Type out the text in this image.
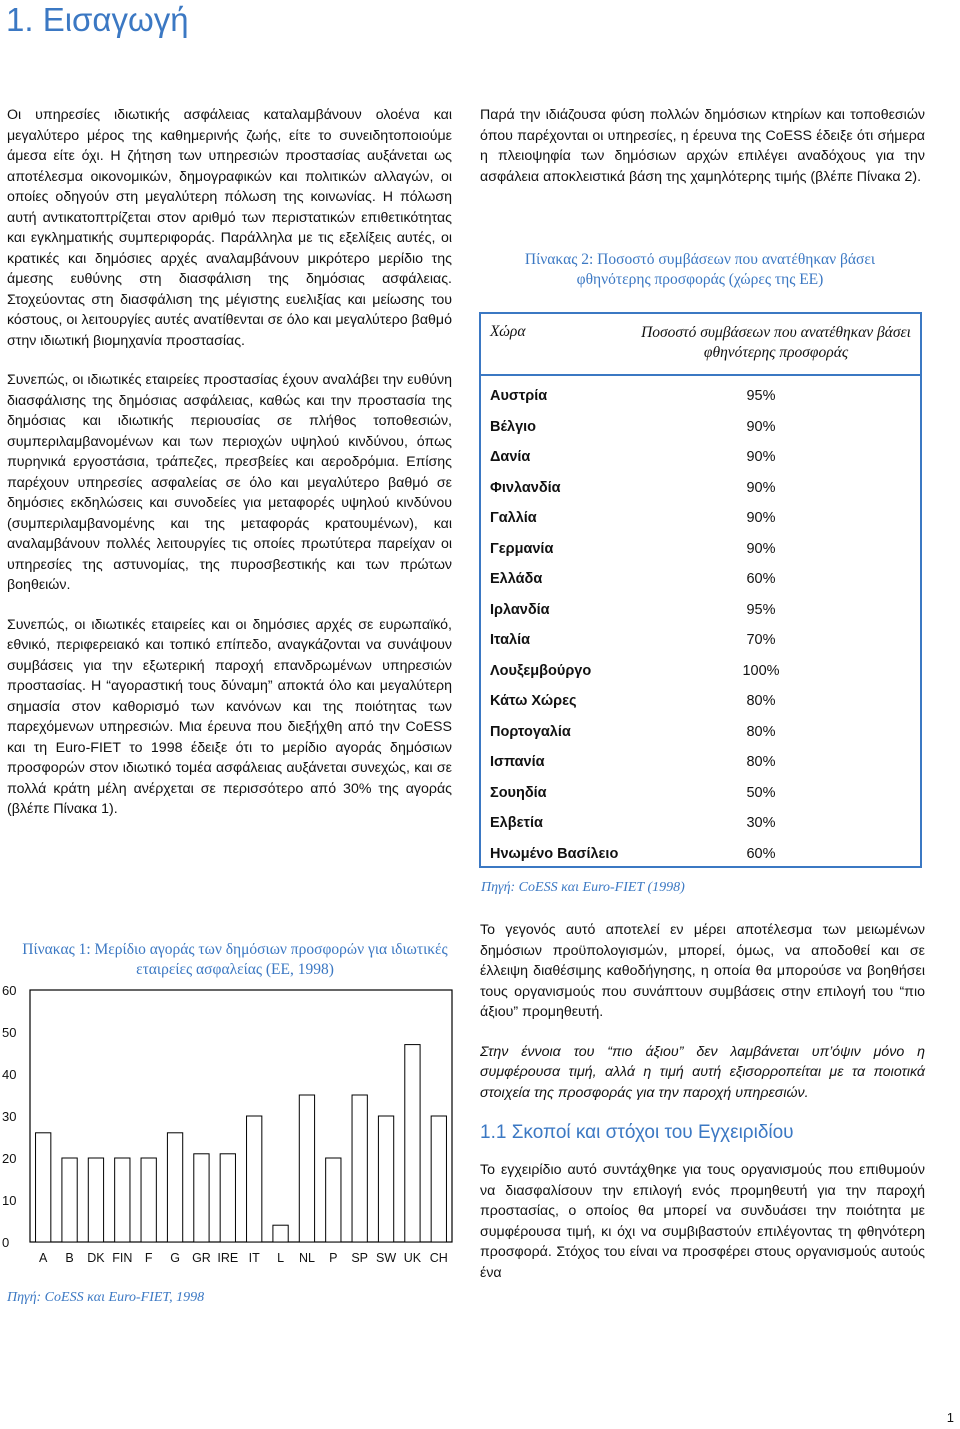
1. Εισαγωγή

Οι υπηρεσίες ιδιωτικής ασφάλειας καταλαμβάνουν ολοένα και μεγαλύτερο μέρος της καθημερινής ζωής, είτε το συνειδητοποιούμε άμεσα είτε όχι. Η ζήτηση των υπηρεσιών προστασίας αυξάνεται ως αποτέλεσμα οικονομικών, δημογραφικών και πολιτικών αλλαγών, οι οποίες οδηγούν στη μεγαλύτερη πόλωση της κοινωνίας. Η πόλωση αυτή αντικατοπτρίζεται στον αριθμό των περιστατικών επιθετικότητας και εγκληματικής συμπεριφοράς. Παράλληλα με τις εξελίξεις αυτές, οι κρατικές και δημόσιες αρχές αναλαμβάνουν μικρότερο μερίδιο της άμεσης ευθύνης στη διασφάλιση της δημόσιας ασφάλειας. Στοχεύοντας στη διασφάλιση της μέγιστης ευελιξίας και μείωσης του κόστους, οι λειτουργίες αυτές ανατίθενται σε όλο και μεγαλύτερο βαθμό στην ιδιωτική βιομηχανία προστασίας.

Συνεπώς, οι ιδιωτικές εταιρείες προστασίας έχουν αναλάβει την ευθύνη διασφάλισης της δημόσιας ασφάλειας, καθώς και την προστασία της δημόσιας και ιδιωτικής περιουσίας σε πλήθος τοποθεσιών, συμπεριλαμβανομένων και των περιοχών υψηλού κινδύνου, όπως πυρηνικά εργοστάσια, τράπεζες, πρεσβείες και αεροδρόμια. Επίσης παρέχουν υπηρεσίες ασφαλείας σε όλο και μεγαλύτερο βαθμό σε δημόσιες εκδηλώσεις και συνοδείες για μεταφορές υψηλού κινδύνου (συμπεριλαμβανομένης και της μεταφοράς κρατουμένων), και αναλαμβάνουν πολλές λειτουργίες τις οποίες πρωτύτερα παρείχαν οι υπηρεσίες της αστυνομίας, της πυροσβεστικής και των πρώτων βοηθειών.

Συνεπώς, οι ιδιωτικές εταιρείες και οι δημόσιες αρχές σε ευρωπαϊκό, εθνικό, περιφερειακό και τοπικό επίπεδο, αναγκάζονται να συνάψουν συμβάσεις για την εξωτερική παροχή επανδρωμένων υπηρεσιών προστασίας. Η “αγοραστική τους δύναμη” αποκτά όλο και μεγαλύτερη σημασία στον καθορισμό των κανόνων και της ποιότητας των παρεχόμενων υπηρεσιών. Μια έρευνα που διεξήχθη από την CoESS και τη Euro-FIET το 1998 έδειξε ότι το μερίδιο αγοράς δημόσιων προσφορών στον ιδιωτικό τομέα ασφάλειας αυξάνεται συνεχώς, και σε πολλά κράτη μέλη ανέρχεται σε περισσότερο από 30% της αγοράς (βλέπε Πίνακα 1).

Πίνακας 1: Μερίδιο αγοράς των δημόσιων προσφορών για ιδιωτικές εταιρείες ασφαλείας (ΕΕ, 1998)

0
10
20
30
40
50
60
A B DK FIN F G GR IRE IT L NL P SP SW UK CH

Πηγή: CoESS και Euro-FIET, 1998

Παρά την ιδιάζουσα φύση πολλών δημόσιων κτηρίων και τοποθεσιών όπου παρέχονται οι υπηρεσίες, η έρευνα της CoESS έδειξε ότι σήμερα η πλειοψηφία των δημόσιων αρχών επιλέγει αναδόχους για την ασφάλεια αποκλειστικά βάση της χαμηλότερης τιμής (βλέπε Πίνακα 2).

Πίνακας 2: Ποσοστό συμβάσεων που ανατέθηκαν βάσει φθηνότερης προσφοράς (χώρες της ΕΕ)

Χώρα	Ποσοστό συμβάσεων που ανατέθηκαν βάσει φθηνότερης προσφοράς
Αυστρία	95%
Βέλγιο	90%
Δανία	90%
Φινλανδία	90%
Γαλλία	90%
Γερμανία	90%
Ελλάδα	60%
Ιρλανδία	95%
Ιταλία	70%
Λουξεμβούργο	100%
Κάτω Χώρες	80%
Πορτογαλία	80%
Ισπανία	80%
Σουηδία	50%
Ελβετία	30%
Ηνωμένο Βασίλειο	60%

Πηγή: CoESS και Euro-FIET (1998)

Το γεγονός αυτό αποτελεί εν μέρει αποτέλεσμα των μειωμένων δημόσιων προϋπολογισμών, μπορεί, όμως, να αποδοθεί και σε έλλειψη διαθέσιμης καθοδήγησης, η οποία θα μπορούσε να βοηθήσει τους οργανισμούς που συνάπτουν συμβάσεις στην επιλογή του “πιο άξιου” προμηθευτή.

Στην έννοια του “πιο άξιου” δεν λαμβάνεται υπ’όψιν μόνο η συμφέρουσα τιμή, αλλά η τιμή αυτή εξισορροπείται με τα ποιοτικά στοιχεία της προσφοράς για την παροχή υπηρεσιών.

1.1 Σκοποί και στόχοι του Εγχειριδίου

Το εγχειρίδιο αυτό συντάχθηκε για τους οργανισμούς που επιθυμούν να διασφαλίσουν την επιλογή ενός προμηθευτή για την παροχή προστασίας, ο οποίος θα μπορεί να συνδυάσει την ποιότητα με συμφέρουσα τιμή, κι όχι να συμβιβαστούν επιλέγοντας τη φθηνότερη προσφορά. Στόχος του είναι να προσφέρει στους οργανισμούς αυτούς ένα

1
